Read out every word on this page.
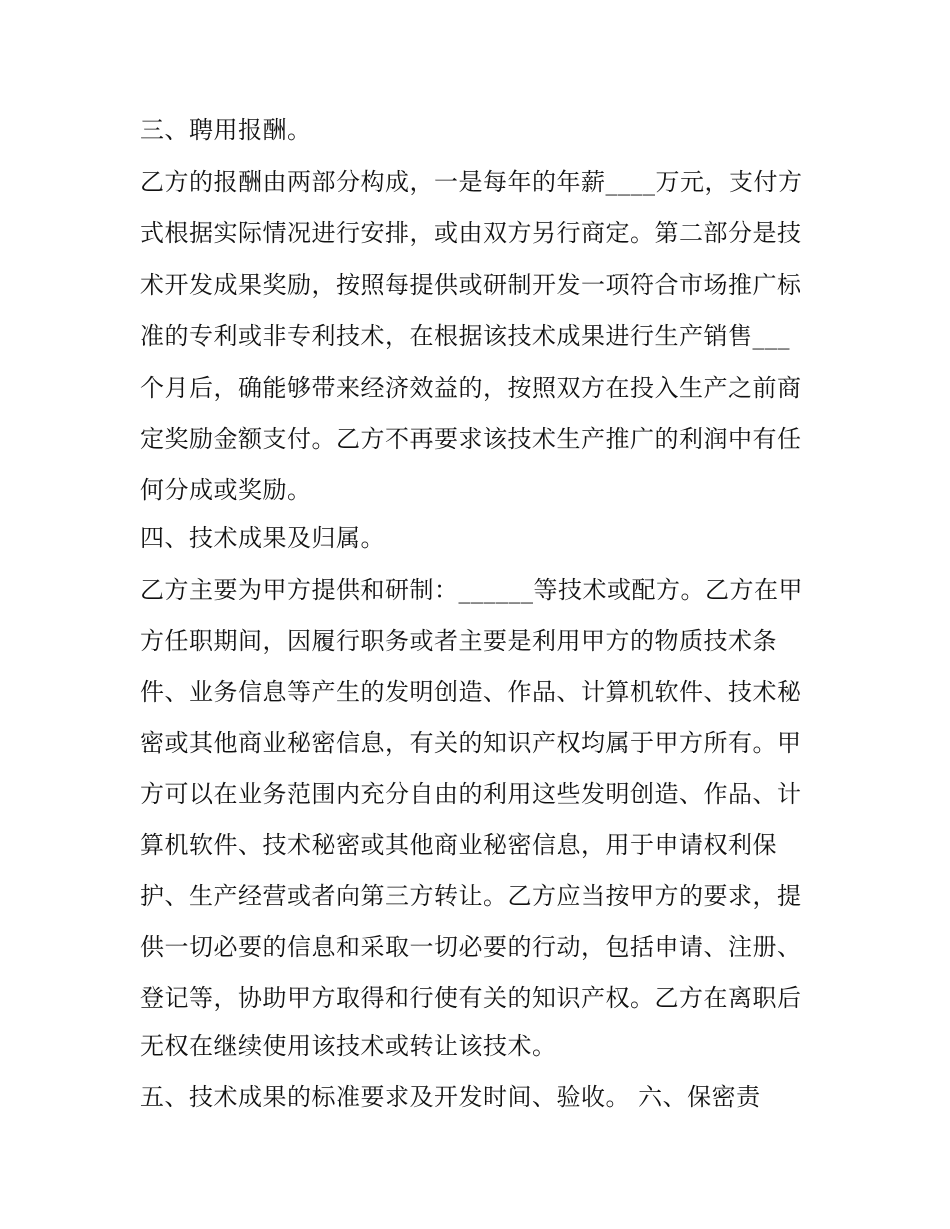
三、聘用报酬。
乙方的报酬由两部分构成，一是每年的年薪____万元，支付方
式根据实际情况进行安排，或由双方另行商定。第二部分是技
术开发成果奖励，按照每提供或研制开发一项符合市场推广标
准的专利或非专利技术，在根据该技术成果进行生产销售___
个月后，确能够带来经济效益的，按照双方在投入生产之前商
定奖励金额支付。乙方不再要求该技术生产推广的利润中有任
何分成或奖励。
四、技术成果及归属。
乙方主要为甲方提供和研制：______等技术或配方。乙方在甲
方任职期间，因履行职务或者主要是利用甲方的物质技术条
件、业务信息等产生的发明创造、作品、计算机软件、技术秘
密或其他商业秘密信息，有关的知识产权均属于甲方所有。甲
方可以在业务范围内充分自由的利用这些发明创造、作品、计
算机软件、技术秘密或其他商业秘密信息，用于申请权利保
护、生产经营或者向第三方转让。乙方应当按甲方的要求，提
供一切必要的信息和采取一切必要的行动，包括申请、注册、
登记等，协助甲方取得和行使有关的知识产权。乙方在离职后
无权在继续使用该技术或转让该技术。
五、技术成果的标准要求及开发时间、验收。 六、保密责
